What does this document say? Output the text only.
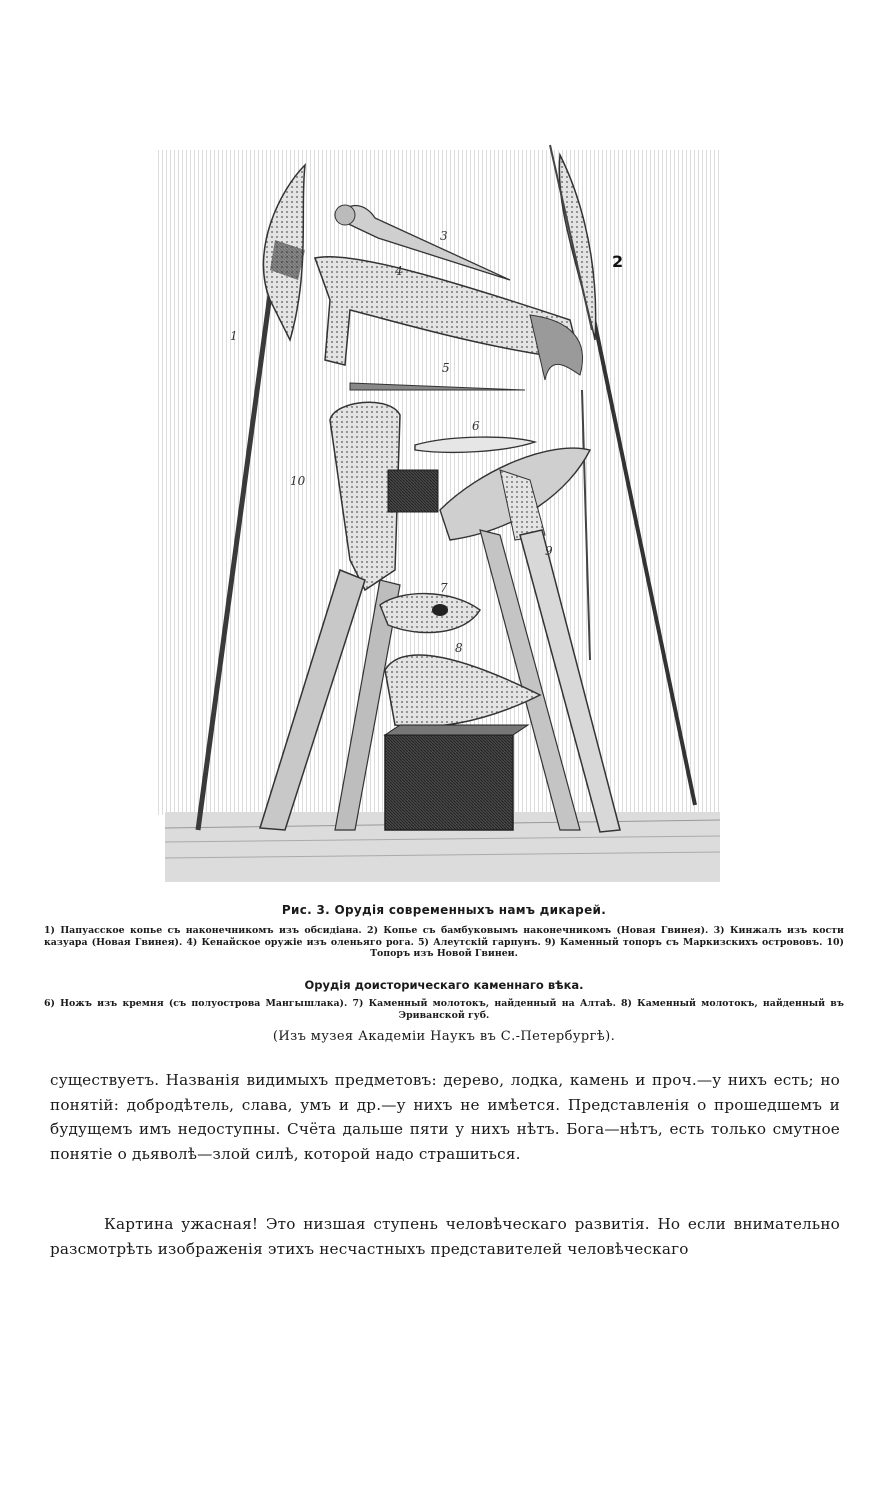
1
2
3
4
5
6
7
8
9
10
Рис. 3. Орудія современныхъ намъ дикарей.
1) Папуасское копье съ наконечникомъ изъ обсидіана. 2) Копье съ бамбуковымъ наконечникомъ (Новая Гвинея). 3) Кинжалъ изъ кости казуара (Новая Гвинея). 4) Кенайское оружіе изъ оленьяго рога. 5) Алеутскій гарпунъ. 9) Каменный топоръ съ Маркизскихъ острововъ. 10) Топоръ изъ Новой Гвинеи.
Орудія доисторическаго каменнаго вѣка.
6) Ножъ изъ кремня (съ полуострова Мангышлака). 7) Каменный молотокъ, найденный на Алтаѣ. 8) Каменный молотокъ, найденный въ Эриванской губ.
(Изъ музея Академіи Наукъ въ С.-Петербургѣ).
существуетъ. Названія видимыхъ предметовъ: дерево, лодка, камень и проч.—у нихъ есть; но понятій: добродѣтель, слава, умъ и др.—у нихъ не имѣется. Представленія о прошедшемъ и будущемъ имъ недоступны. Счёта дальше пяти у нихъ нѣтъ. Бога—нѣтъ, есть только смутное понятіе о дьяволѣ—злой силѣ, которой надо страшиться.
Картина ужасная! Это низшая ступень человѣческаго развитія. Но если внимательно разсмотрѣть изображенія этихъ несчастныхъ представителей человѣческаго
